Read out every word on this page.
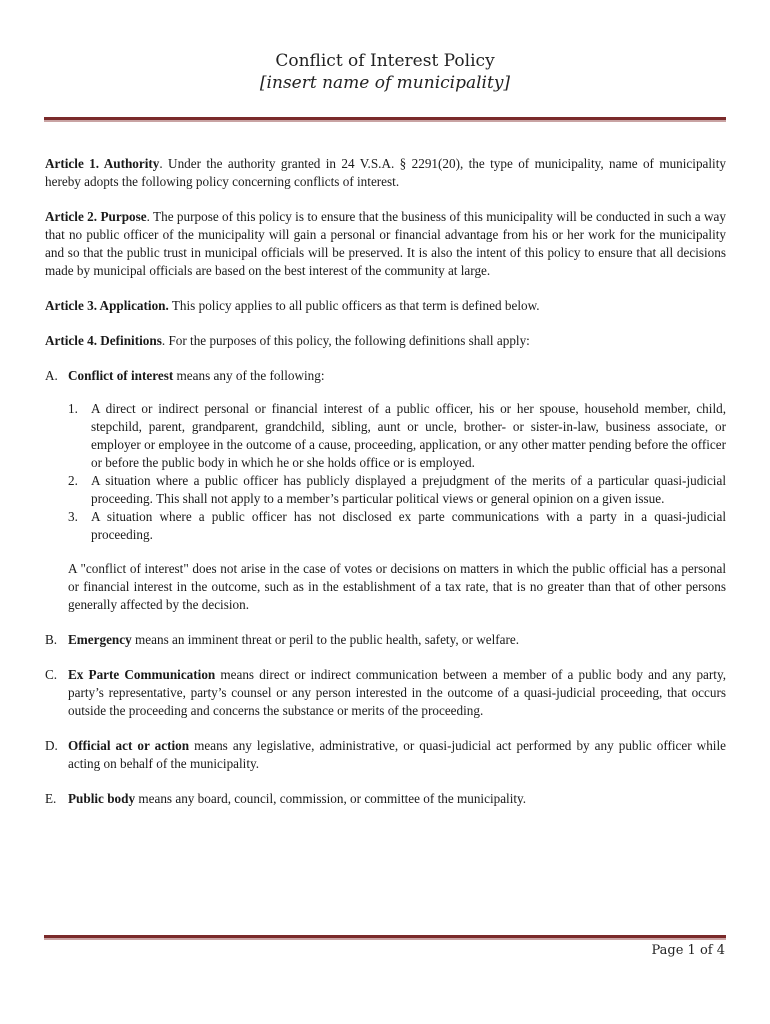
Conflict of Interest Policy
[insert name of municipality]

Article 1. Authority. Under the authority granted in 24 V.S.A. § 2291(20), the type of municipality, name of municipality hereby adopts the following policy concerning conflicts of interest.

Article 2. Purpose. The purpose of this policy is to ensure that the business of this municipality will be conducted in such a way that no public officer of the municipality will gain a personal or financial advantage from his or her work for the municipality and so that the public trust in municipal officials will be preserved. It is also the intent of this policy to ensure that all decisions made by municipal officials are based on the best interest of the community at large.

Article 3. Application. This policy applies to all public officers as that term is defined below.

Article 4. Definitions. For the purposes of this policy, the following definitions shall apply:

A. Conflict of interest means any of the following:
1. A direct or indirect personal or financial interest of a public officer, his or her spouse, household member, child, stepchild, parent, grandparent, grandchild, sibling, aunt or uncle, brother- or sister-in-law, business associate, or employer or employee in the outcome of a cause, proceeding, application, or any other matter pending before the officer or before the public body in which he or she holds office or is employed.
2. A situation where a public officer has publicly displayed a prejudgment of the merits of a particular quasi-judicial proceeding. This shall not apply to a member’s particular political views or general opinion on a given issue.
3. A situation where a public officer has not disclosed ex parte communications with a party in a quasi-judicial proceeding.
A "conflict of interest" does not arise in the case of votes or decisions on matters in which the public official has a personal or financial interest in the outcome, such as in the establishment of a tax rate, that is no greater than that of other persons generally affected by the decision.
B. Emergency means an imminent threat or peril to the public health, safety, or welfare.
C. Ex Parte Communication means direct or indirect communication between a member of a public body and any party, party’s representative, party’s counsel or any person interested in the outcome of a quasi-judicial proceeding, that occurs outside the proceeding and concerns the substance or merits of the proceeding.
D. Official act or action means any legislative, administrative, or quasi-judicial act performed by any public officer while acting on behalf of the municipality.
E. Public body means any board, council, commission, or committee of the municipality.
Page 1 of 4
